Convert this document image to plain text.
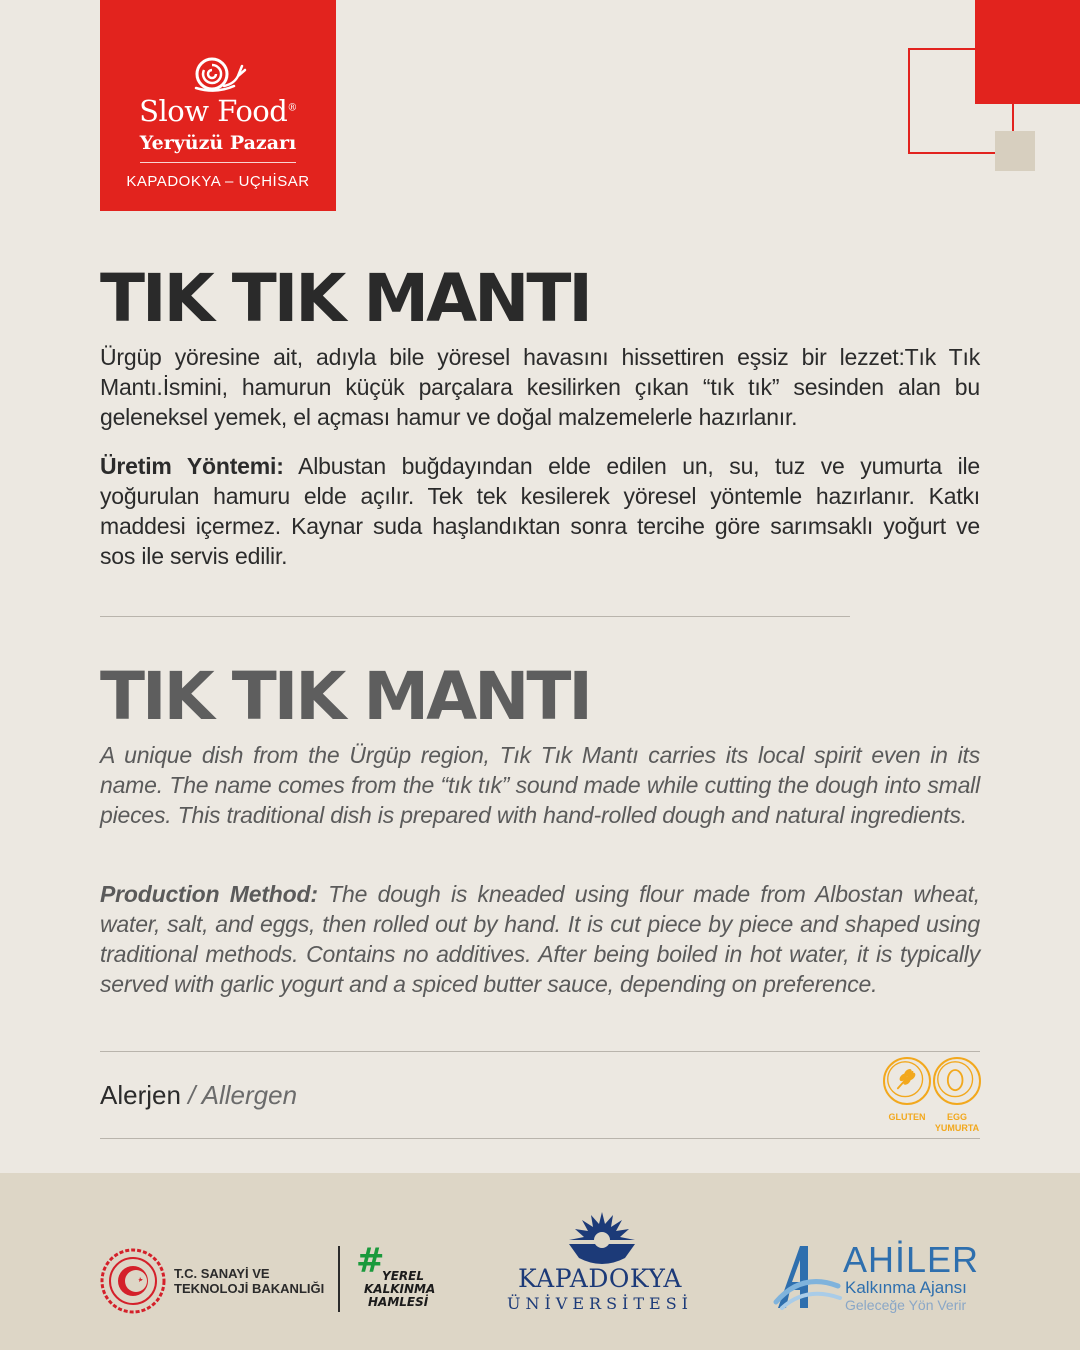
Slow Food®
Yeryüzü Pazarı
KAPADOKYA – UÇHİSAR
TIK TIK MANTI

Ürgüp yöresine ait, adıyla bile yöresel havasını hissettiren eşsiz bir lezzet:Tık Tık Mantı.İsmini, hamurun küçük parçalara kesilirken çıkan “tık tık” sesinden alan bu geleneksel yemek, el açması hamur ve doğal malzemelerle hazırlanır.

Üretim Yöntemi: Albustan buğdayından elde edilen un, su, tuz ve yumurta ile yoğurulan hamuru elde açılır. Tek tek kesilerek yöresel yöntemle hazırlanır. Katkı maddesi içermez. Kaynar suda haşlandıktan sonra tercihe göre sarımsaklı yoğurt ve sos ile servis edilir.

TIK TIK MANTI

A unique dish from the Ürgüp region, Tık Tık Mantı carries its local spirit even in its name. The name comes from the “tık tık” sound made while cutting the dough into small pieces. This traditional dish is prepared with hand-rolled dough and natural ingredients.

Production Method: The dough is kneaded using flour made from Albostan wheat, water, salt, and eggs, then rolled out by hand. It is cut piece by piece and shaped using traditional methods. Contains no additives. After being boiled in hot water, it is typically served with garlic yogurt and a spiced butter sauce, depending on preference.

Alerjen / Allergen
GLUTEN	EGG
YUMURTA
T.C. SANAYİ VE
TEKNOLOJİ BAKANLIĞI
#
YEREL
KALKINMA
HAMLESİ
KAPADOKYA
ÜNİVERSİTESİ
AHİLER
Kalkınma Ajansı
Geleceğe Yön Verir
